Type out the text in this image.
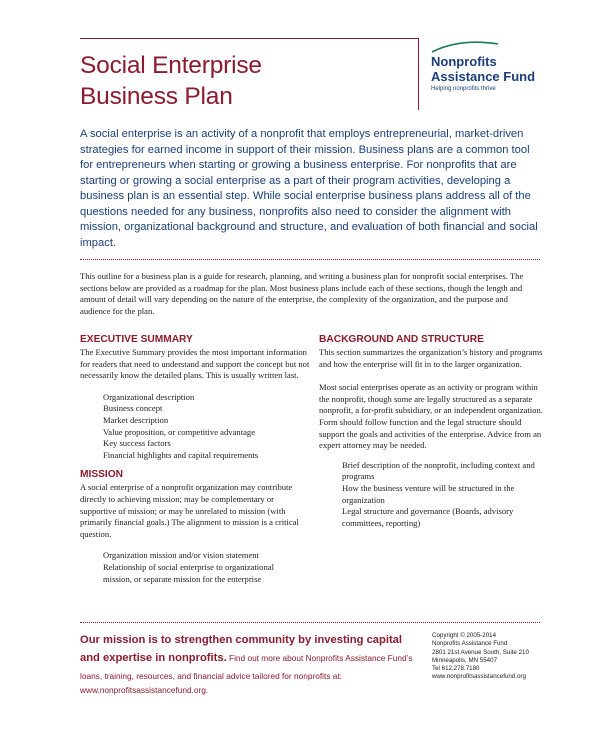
Social Enterprise
Business Plan
Nonprofits
Assistance Fund
Helping nonprofits thrive

A social enterprise is an activity of a nonprofit that employs entrepreneurial, market-driven strategies for earned income in support of their mission. Business plans are a common tool for entrepreneurs when starting or growing a business enterprise. For nonprofits that are starting or growing a social enterprise as a part of their program activities, developing a business plan is an essential step. While social enterprise business plans address all of the questions needed for any business, nonprofits also need to consider the alignment with mission, organizational background and structure, and evaluation of both financial and social impact.

This outline for a business plan is a guide for research, planning, and writing a business plan for nonprofit social enterprises. The sections below are provided as a roadmap for the plan. Most business plans include each of these sections, though the length and amount of detail will vary depending on the nature of the enterprise, the complexity of the organization, and the purpose and audience for the plan.

EXECUTIVE SUMMARY

The Executive Summary provides the most important information for readers that need to understand and support the concept but not necessarily know the detailed plans. This is usually written last.

Organizational description
Business concept
Market description
Value proposition, or competitive advantage
Key success factors
Financial highlights and capital requirements
MISSION

A social enterprise of a nonprofit organization may contribute directly to achieving mission; may be complementary or supportive of mission; or may be unrelated to mission (with primarily financial goals.) The alignment to mission is a critical question.

Organization mission and/or vision statement
Relationship of social enterprise to organizational mission, or separate mission for the enterprise
BACKGROUND AND STRUCTURE

This section summarizes the organization’s history and programs and how the enterprise will fit in to the larger organization.

Most social enterprises operate as an activity or program within the nonprofit, though some are legally structured as a separate nonprofit, a for-profit subsidiary, or an independent organization. Form should follow function and the legal structure should support the goals and activities of the enterprise. Advice from an expert attorney may be needed.

Brief description of the nonprofit, including context and programs
How the business venture will be structured in the organization
Legal structure and governance (Boards, advisory committees, reporting)
Our mission is to strengthen community by investing capital and expertise in nonprofits. Find out more about Nonprofits Assistance Fund’s loans, training, resources, and financial advice tailored for nonprofits at:
www.nonprofitsassistancefund.org.
Copyright © 2005-2014
Nonprofits Assistance Fund
2801 21st Avenue South, Suite 210
Minneapolis, MN 55407
Tel 612.278.7180
www.nonprofitsassistancefund.org
